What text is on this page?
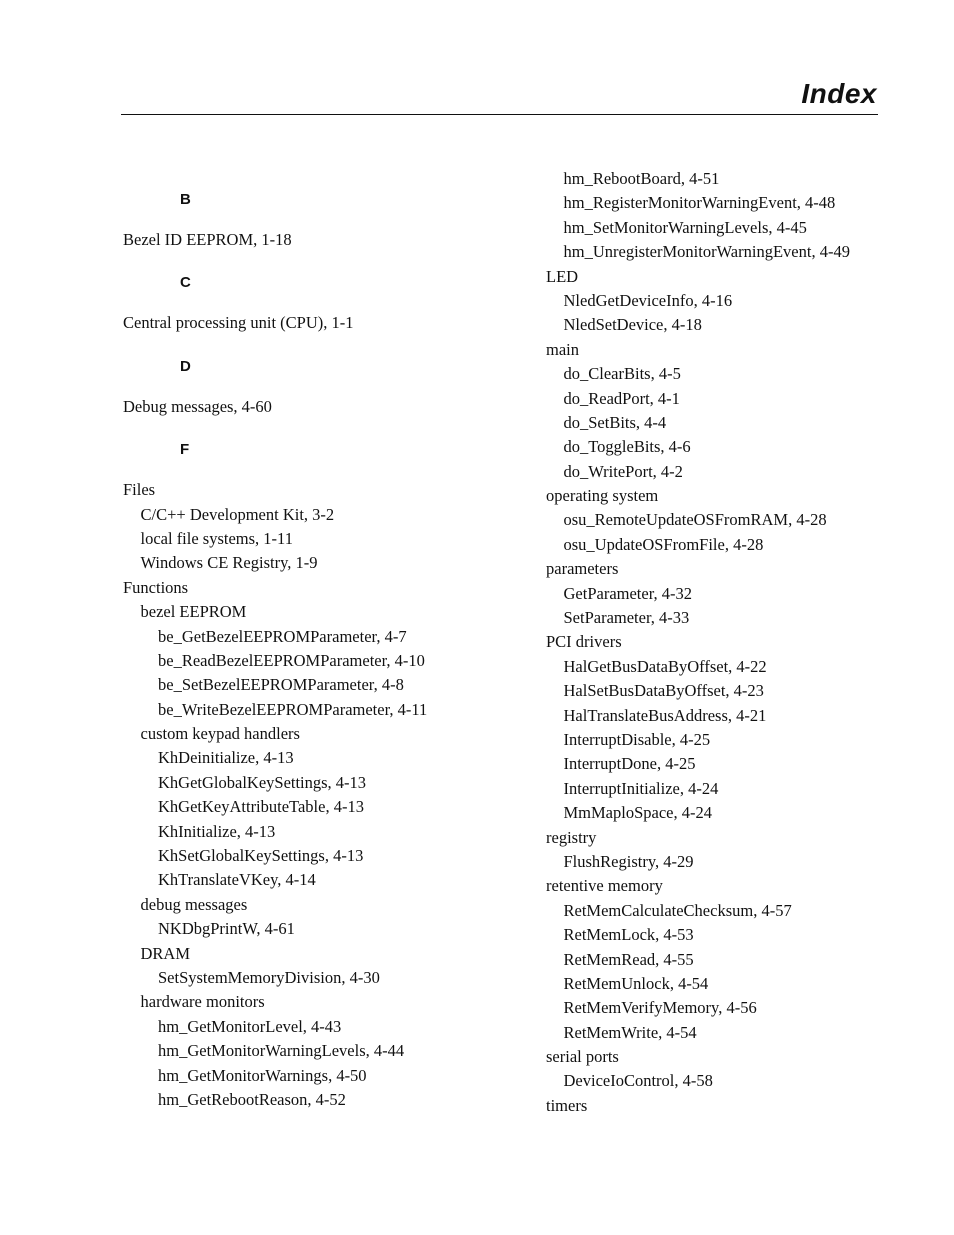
Index
B
Bezel ID EEPROM, 1-18
C
Central processing unit (CPU), 1-1
D
Debug messages, 4-60
F
Files
C/C++ Development Kit, 3-2
local file systems, 1-11
Windows CE Registry, 1-9
Functions
bezel EEPROM
be_GetBezelEEPROMParameter, 4-7
be_ReadBezelEEPROMParameter, 4-10
be_SetBezelEEPROMParameter, 4-8
be_WriteBezelEEPROMParameter, 4-11
custom keypad handlers
KhDeinitialize, 4-13
KhGetGlobalKeySettings, 4-13
KhGetKeyAttributeTable, 4-13
KhInitialize, 4-13
KhSetGlobalKeySettings, 4-13
KhTranslateVKey, 4-14
debug messages
NKDbgPrintW, 4-61
DRAM
SetSystemMemoryDivision, 4-30
hardware monitors
hm_GetMonitorLevel, 4-43
hm_GetMonitorWarningLevels, 4-44
hm_GetMonitorWarnings, 4-50
hm_GetRebootReason, 4-52
hm_RebootBoard, 4-51
hm_RegisterMonitorWarningEvent, 4-48
hm_SetMonitorWarningLevels, 4-45
hm_UnregisterMonitorWarningEvent, 4-49
LED
NledGetDeviceInfo, 4-16
NledSetDevice, 4-18
main
do_ClearBits, 4-5
do_ReadPort, 4-1
do_SetBits, 4-4
do_ToggleBits, 4-6
do_WritePort, 4-2
operating system
osu_RemoteUpdateOSFromRAM, 4-28
osu_UpdateOSFromFile, 4-28
parameters
GetParameter, 4-32
SetParameter, 4-33
PCI drivers
HalGetBusDataByOffset, 4-22
HalSetBusDataByOffset, 4-23
HalTranslateBusAddress, 4-21
InterruptDisable, 4-25
InterruptDone, 4-25
InterruptInitialize, 4-24
MmMaploSpace, 4-24
registry
FlushRegistry, 4-29
retentive memory
RetMemCalculateChecksum, 4-57
RetMemLock, 4-53
RetMemRead, 4-55
RetMemUnlock, 4-54
RetMemVerifyMemory, 4-56
RetMemWrite, 4-54
serial ports
DeviceIoControl, 4-58
timers
